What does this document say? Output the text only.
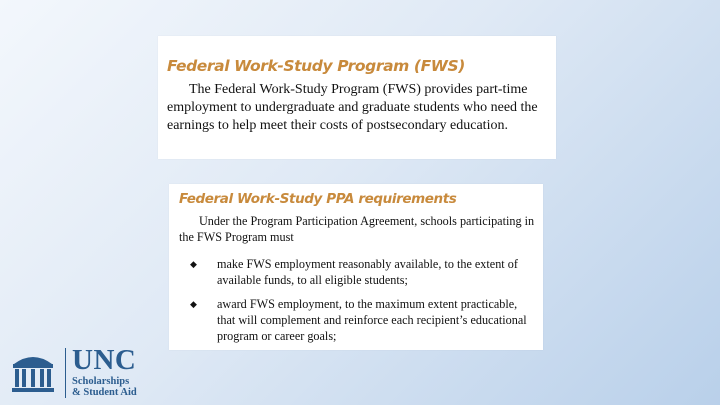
Federal Work-Study Program (FWS)
The Federal Work-Study Program (FWS) provides part-time employment to undergraduate and graduate students who need the earnings to help meet their costs of postsecondary education.
Federal Work-Study PPA requirements
Under the Program Participation Agreement, schools participating in the FWS Program must
◆ make FWS employment reasonably available, to the extent of available funds, to all eligible students;
◆ award FWS employment, to the maximum extent practicable, that will complement and reinforce each recipient’s educational program or career goals;
UNC
Scholarships
& Student Aid
